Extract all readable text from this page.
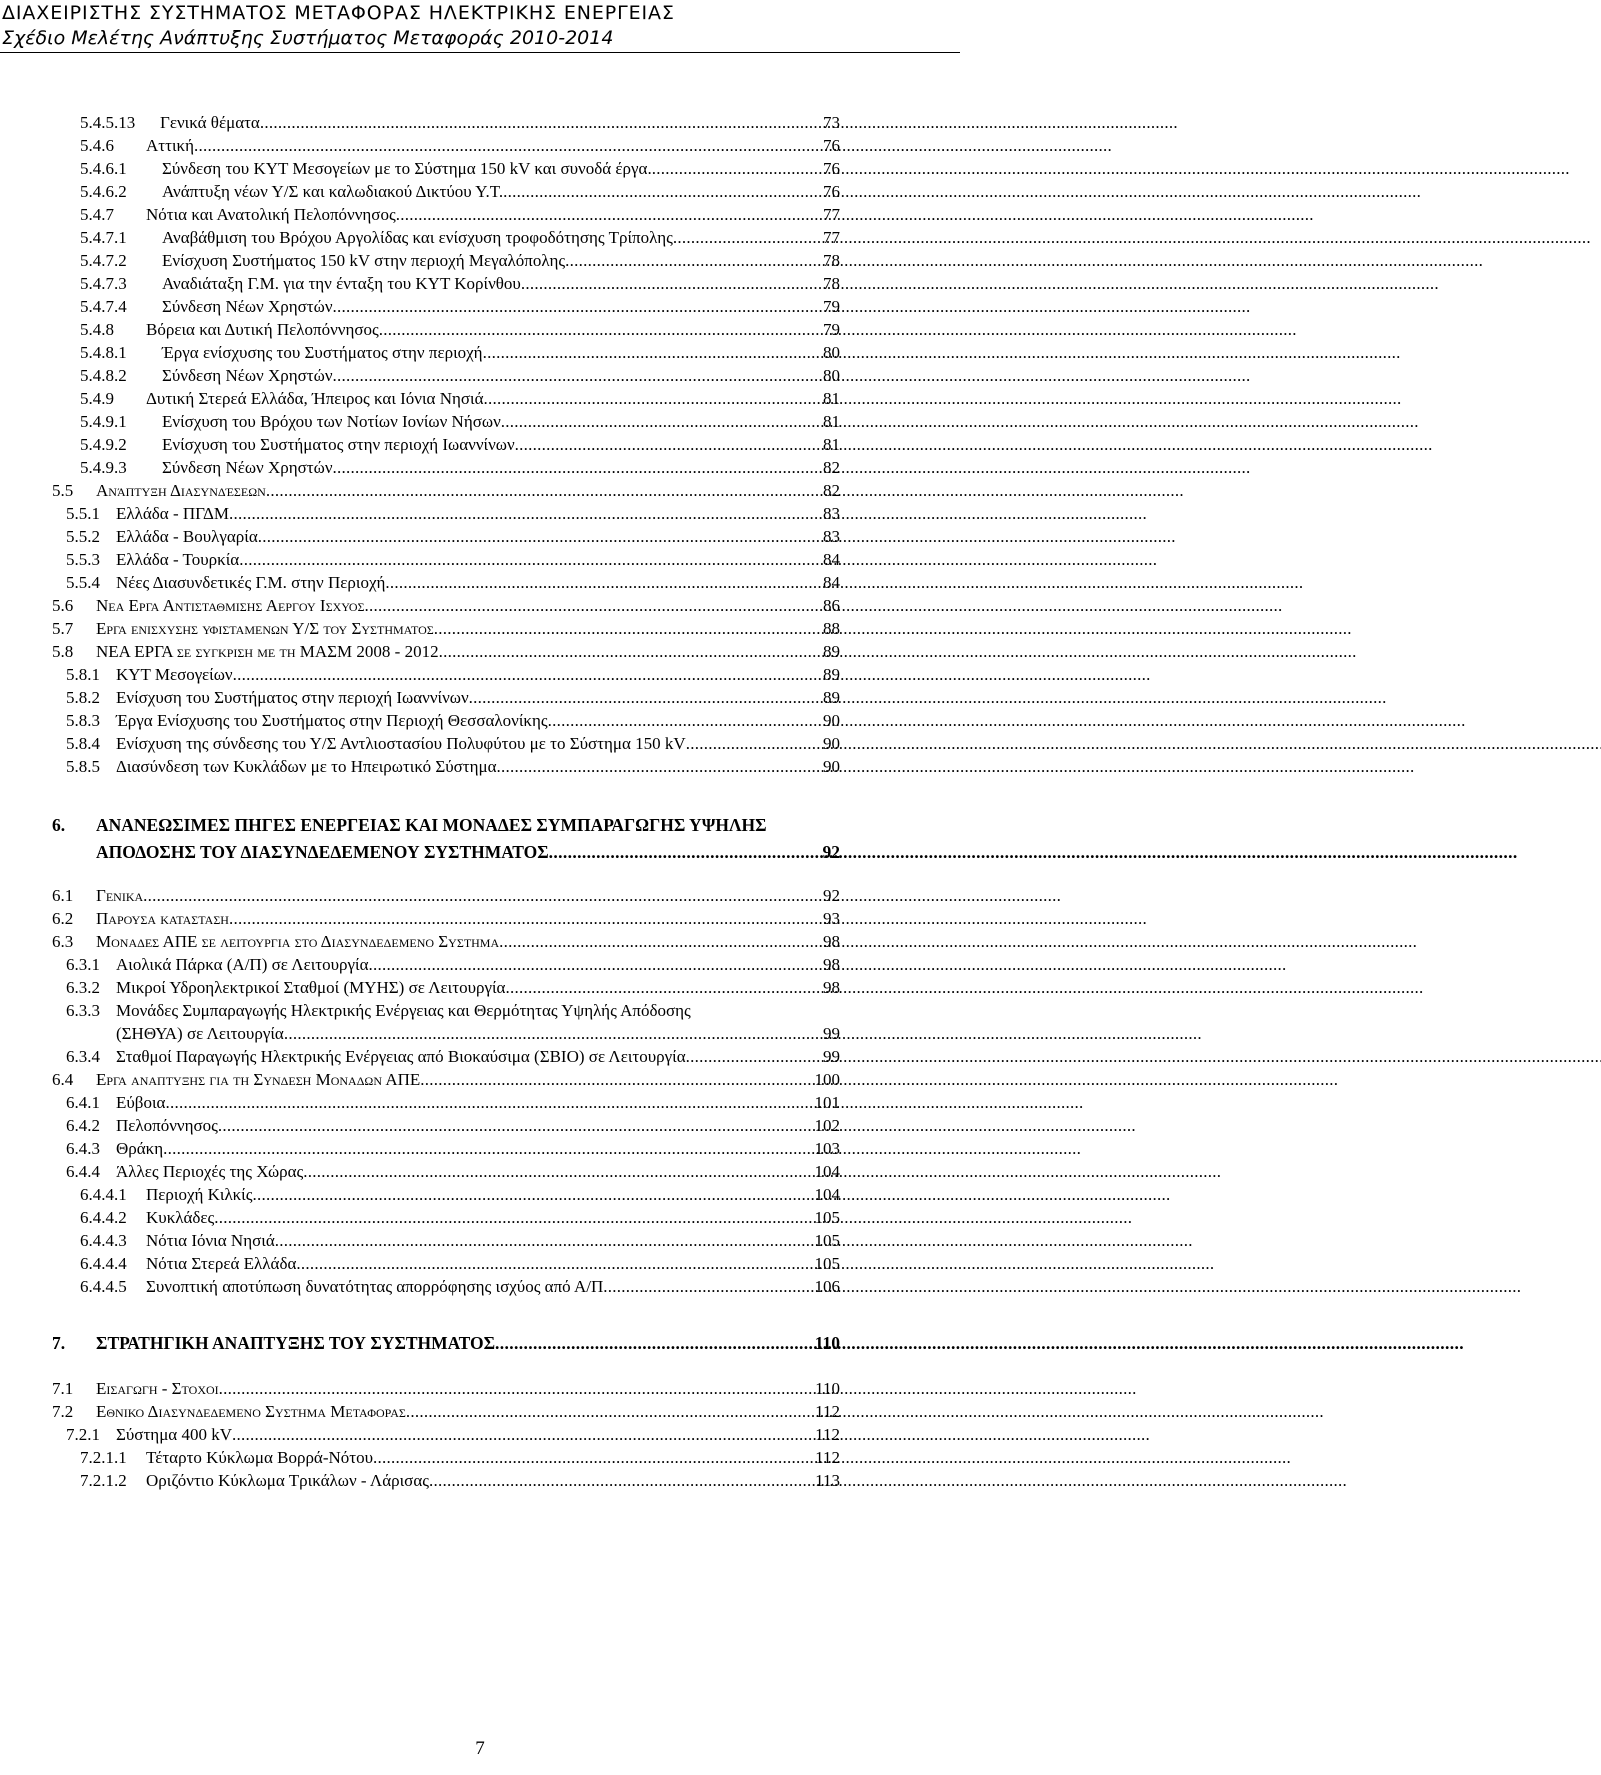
ΔΙΑΧΕΙΡΙΣΤΗΣ ΣΥΣΤΗΜΑΤΟΣ ΜΕΤΑΦΟΡΑΣ ΗΛΕΚΤΡΙΚΗΣ ΕΝΕΡΓΕΙΑΣ
Σχέδιο Μελέτης Ανάπτυξης Συστήματος Μεταφοράς 2010-2014
5.4.5.13	Γενικά θέματα . . .	73
5.4.6	Αττική . . .	76
5.4.6.1	Σύνδεση του ΚΥΤ Μεσογείων με το Σύστημα 150 kV και συνοδά έργα. . . .	76
5.4.6.2	Ανάπτυξη νέων Υ/Σ και καλωδιακού Δικτύου Υ.Τ. . . .	76
5.4.7	Νότια και Ανατολική Πελοπόννησος . . .	77
5.4.7.1	Αναβάθμιση του Βρόχου Αργολίδας και ενίσχυση τροφοδότησης Τρίπολης . . .	77
5.4.7.2	Ενίσχυση Συστήματος 150 kV στην περιοχή Μεγαλόπολης . . .	78
5.4.7.3	Αναδιάταξη Γ.Μ. για την ένταξη του ΚΥΤ Κορίνθου . . .	78
5.4.7.4	Σύνδεση Νέων Χρηστών . . .	79
5.4.8	Βόρεια και Δυτική Πελοπόννησος . . .	79
5.4.8.1	Έργα ενίσχυσης του Συστήματος στην περιοχή . . .	80
5.4.8.2	Σύνδεση Νέων Χρηστών . . .	80
5.4.9	Δυτική Στερεά Ελλάδα, Ήπειρος και Ιόνια Νησιά . . .	81
5.4.9.1	Ενίσχυση του Βρόχου των Νοτίων Ιονίων Νήσων . . .	81
5.4.9.2	Ενίσχυση του Συστήματος στην περιοχή Ιωαννίνων . . .	81
5.4.9.3	Σύνδεση Νέων Χρηστών . . .	82
5.5	Ανάπτυξη Διασυνδέσεων . . .	82
5.5.1 Ελλάδα - ΠΓΔΜ . . .	83
5.5.2 Ελλάδα - Βουλγαρία . . .	83
5.5.3 Ελλάδα - Τουρκία . . .	84
5.5.4 Νέες Διασυνδετικές Γ.Μ. στην Περιοχή . . .	84
5.6	Νεα Εργα Αντισταθμισης Αεργου Ισχυος . . .	86
5.7	Εργα ενισχυσης υφισταμενων Υ/Σ του Συστηματος . . .	88
5.8	ΝΕΑ ΕΡΓΑ σε συγκριση με τη ΜΑΣΜ 2008 - 2012 . . .	89
5.8.1 ΚΥΤ Μεσογείων . . .	89
5.8.2 Ενίσχυση του Συστήματος στην περιοχή Ιωαννίνων . . .	89
5.8.3 Έργα Ενίσχυσης του Συστήματος στην Περιοχή Θεσσαλονίκης . . .	90
5.8.4 Ενίσχυση της σύνδεσης του Υ/Σ Αντλιοστασίου Πολυφύτου με το Σύστημα 150 kV . . .	90
5.8.5 Διασύνδεση των Κυκλάδων με το Ηπειρωτικό Σύστημα . . .	90
6.	ΑΝΑΝΕΩΣΙΜΕΣ ΠΗΓΕΣ ΕΝΕΡΓΕΙΑΣ ΚΑΙ ΜΟΝΑΔΕΣ ΣΥΜΠΑΡΑΓΩΓΗΣ ΥΨΗΛΗΣ
ΑΠΟΔΟΣΗΣ ΤΟΥ ΔΙΑΣΥΝΔΕΔΕΜΕΝΟΥ ΣΥΣΤΗΜΑΤΟΣ . . .	92
6.1	Γενικα . . .	92
6.2	Παρουσα καταστασh . . .	93
6.3	Μοναδες ΑΠΕ σε λειτουργια στο Διασυνδεδεμενο Συστημα . . .	98
6.3.1 Αιολικά Πάρκα (Α/Π) σε Λειτουργία . . .	98
6.3.2 Μικροί Υδροηλεκτρικοί Σταθμοί (ΜΥΗΣ) σε Λειτουργία . . .	98
6.3.3 Μονάδες Συμπαραγωγής Ηλεκτρικής Ενέργειας και Θερμότητας Υψηλής Απόδοσης
(ΣΗΘΥΑ) σε Λειτουργία . . .	99
6.3.4 Σταθμοί Παραγωγής Ηλεκτρικής Ενέργειας από Βιοκαύσιμα (ΣΒΙΟ) σε Λειτουργία . . .	99
6.4	Εργα αναπτυξης για τη Συνδεση Μοναδων ΑΠΕ . . .	100
6.4.1 Εύβοια . . .	101
6.4.2 Πελοπόννησος . . .	102
6.4.3 Θράκη . . .	103
6.4.4 Άλλες Περιοχές της Χώρας . . .	104
6.4.4.1	Περιοχή Κιλκίς . . .	104
6.4.4.2	Κυκλάδες . . .	105
6.4.4.3	Νότια Ιόνια Νησιά . . .	105
6.4.4.4	Νότια Στερεά Ελλάδα . . .	105
6.4.4.5	Συνοπτική αποτύπωση δυνατότητας απορρόφησης ισχύος από Α/Π . . .	106
7.	ΣΤΡΑΤΗΓΙΚΗ ΑΝΑΠΤΥΞΗΣ ΤΟΥ ΣΥΣΤΗΜΑΤΟΣ . . .	110
7.1	Εισαγωγη - Στοχοι . . .	110
7.2	Εθνικο Διασυνδεδεμενο Συστημα Μεταφορας . . .	112
7.2.1 Σύστημα 400 kV . . .	112
7.2.1.1	Τέταρτο Κύκλωμα Βορρά-Νότου . . .	112
7.2.1.2	Οριζόντιο Κύκλωμα Τρικάλων - Λάρισας . . .	113
7
